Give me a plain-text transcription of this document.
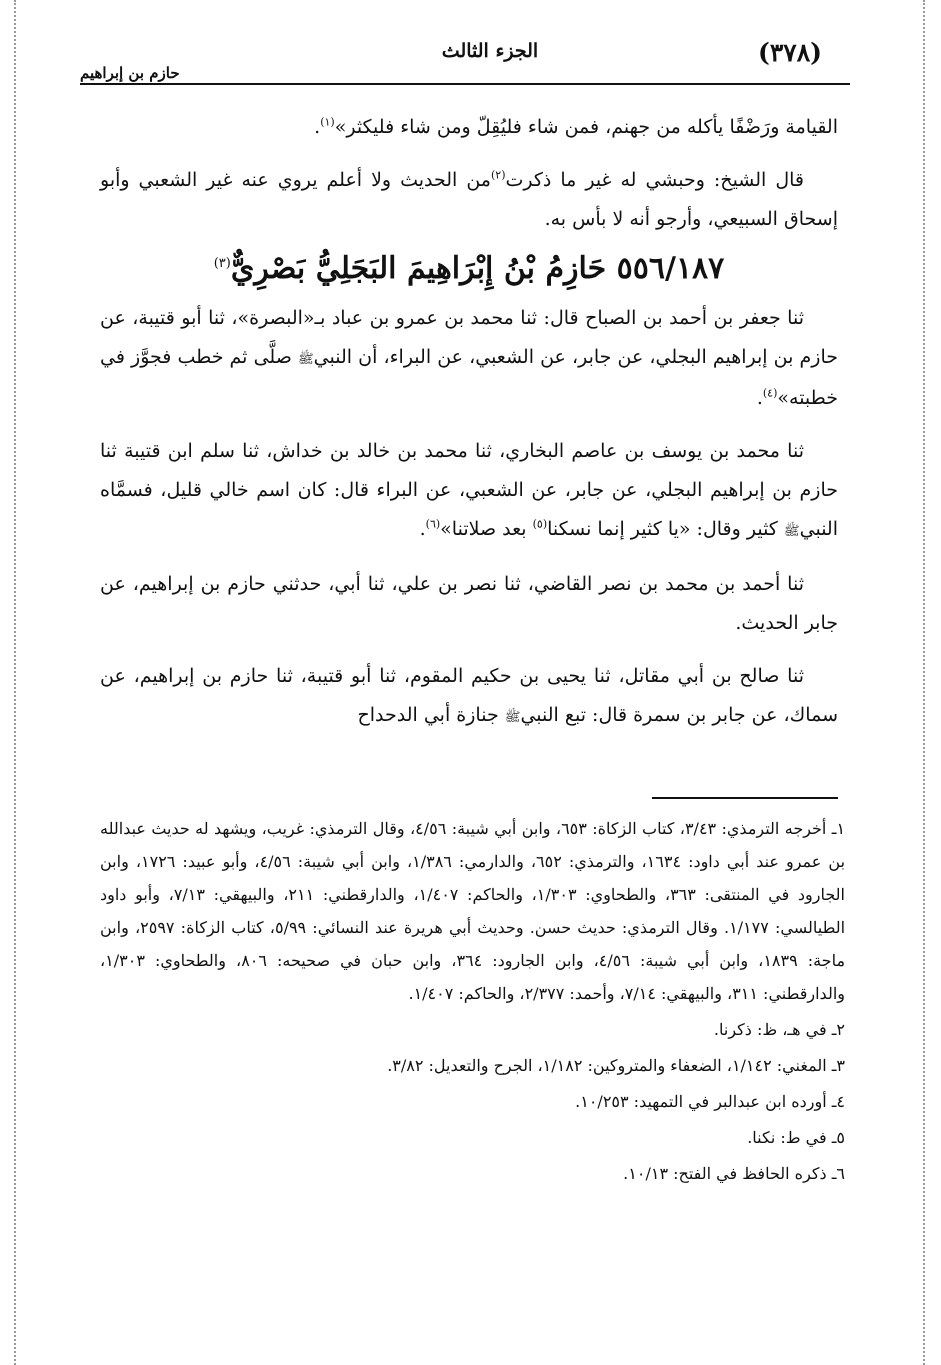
(٣٧٨)
الجزء الثالث
حازم بن إبراهيم

القيامة ورَضْفًا يأكله من جهنم، فمن شاء فليُقِلّ ومن شاء فليكثر»$^{(١)}$.

قال الشيخ: وحبشي له غير ما ذكرت$^{(٢)}$من الحديث ولا أعلم يروي عنه غير الشعبي وأبو إسحاق السبيعي، وأرجو أنه لا بأس به.

٥٥٦/١٨٧ حَازِمُ بْنُ إِبْرَاهِيمَ البَجَلِيُّ بَصْرِيٌّ$^{(٣)}$

ثنا جعفر بن أحمد بن الصباح قال: ثنا محمد بن عمرو بن عباد بـ«البصرة»، ثنا أبو قتيبة، عن حازم بن إبراهيم البجلي، عن جابر، عن الشعبي، عن البراء، أن النبيﷺ صلَّى ثم خطب فجوَّز في خطبته»$^{(٤)}$.

ثنا محمد بن يوسف بن عاصم البخاري، ثنا محمد بن خالد بن خداش، ثنا سلم ابن قتيبة ثنا حازم بن إبراهيم البجلي، عن جابر، عن الشعبي، عن البراء قال: كان اسم خالي قليل، فسمَّاه النبيﷺ كثير وقال: «يا كثير إنما نسكنا$^{(٥)}$ بعد صلاتنا»$^{(٦)}$.

ثنا أحمد بن محمد بن نصر القاضي، ثنا نصر بن علي، ثنا أبي، حدثني حازم بن إبراهيم، عن جابر الحديث.

ثنا صالح بن أبي مقاتل، ثنا يحيى بن حكيم المقوم، ثنا أبو قتيبة، ثنا حازم بن إبراهيم، عن سماك، عن جابر بن سمرة قال: تبع النبيﷺ جنازة أبي الدحداح

١ـ أخرجه الترمذي: ٣/٤٣، كتاب الزكاة: ٦٥٣، وابن أبي شيبة: ٤/٥٦، وقال الترمذي: غريب، ويشهد له حديث عبدالله بن عمرو عند أبي داود: ١٦٣٤، والترمذي: ٦٥٢، والدارمي: ١/٣٨٦، وابن أبي شيبة: ٤/٥٦، وأبو عبيد: ١٧٢٦، وابن الجارود في المنتقى: ٣٦٣، والطحاوي: ١/٣٠٣، والحاكم: ١/٤٠٧، والدارقطني: ٢١١، والبيهقي: ٧/١٣، وأبو داود الطيالسي: ١/١٧٧. وقال الترمذي: حديث حسن. وحديث أبي هريرة عند النسائي: ٥/٩٩، كتاب الزكاة: ٢٥٩٧، وابن ماجة: ١٨٣٩، وابن أبي شيبة: ٤/٥٦، وابن الجارود: ٣٦٤، وابن حبان في صحيحه: ٨٠٦، والطحاوي: ١/٣٠٣، والدارقطني: ٣١١، والبيهقي: ٧/١٤، وأحمد: ٢/٣٧٧، والحاكم: ١/٤٠٧.

٢ـ في هـ، ظ: ذكرنا.

٣ـ المغني: ١/١٤٢، الضعفاء والمتروكين: ١/١٨٢، الجرح والتعديل: ٣/٨٢.

٤ـ أورده ابن عبدالبر في التمهيد: ١٠/٢٥٣.

٥ـ في ط: نكنا.

٦ـ ذكره الحافظ في الفتح: ١٠/١٣.
